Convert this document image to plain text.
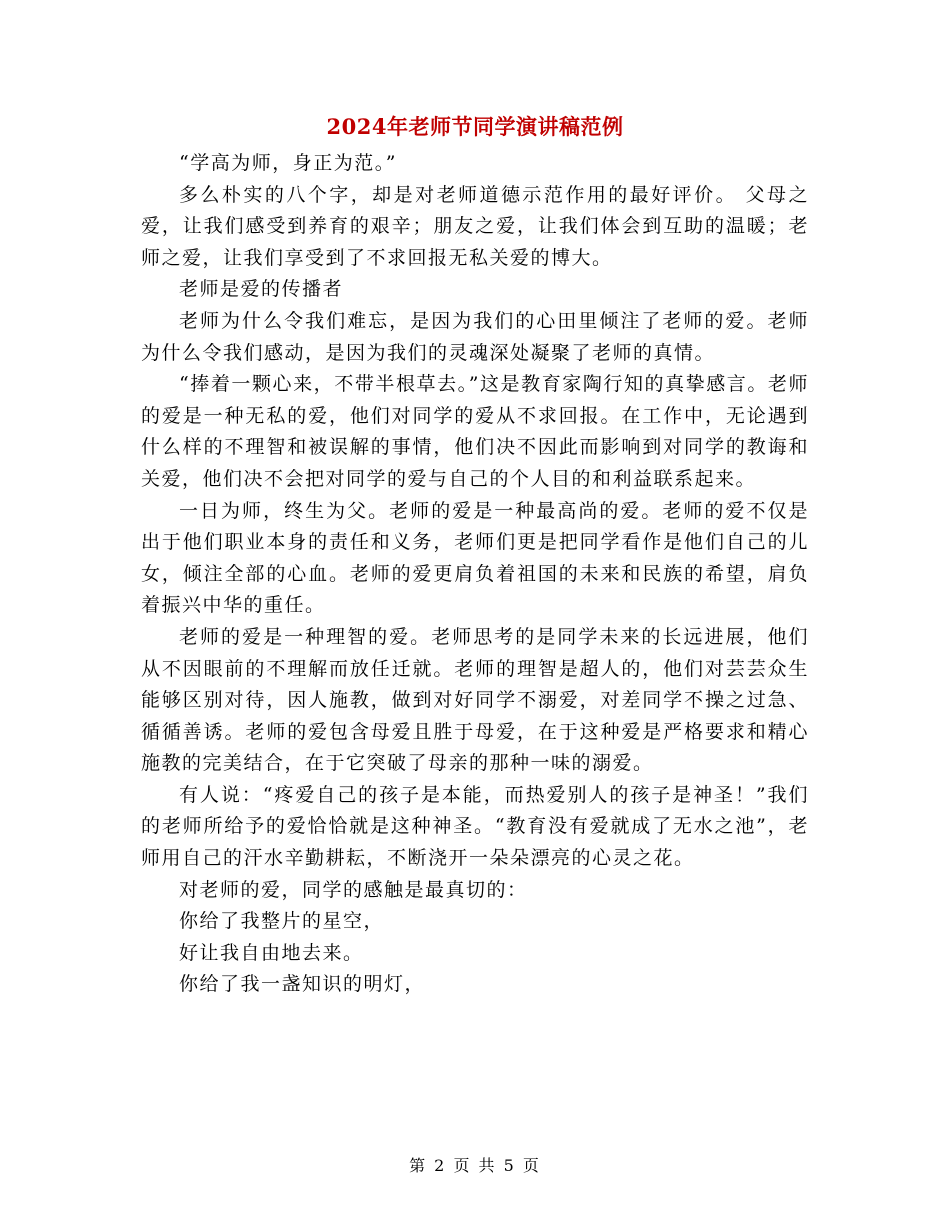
2024年老师节同学演讲稿范例

“学高为师，身正为范。”

多么朴实的八个字，却是对老师道德示范作用的最好评价。 父母之爱，让我们感受到养育的艰辛；朋友之爱，让我们体会到互助的温暖；老师之爱，让我们享受到了不求回报无私关爱的博大。

老师是爱的传播者

老师为什么令我们难忘，是因为我们的心田里倾注了老师的爱。老师为什么令我们感动，是因为我们的灵魂深处凝聚了老师的真情。

“捧着一颗心来，不带半根草去。”这是教育家陶行知的真挚感言。老师的爱是一种无私的爱，他们对同学的爱从不求回报。在工作中，无论遇到什么样的不理智和被误解的事情，他们决不因此而影响到对同学的教诲和关爱，他们决不会把对同学的爱与自己的个人目的和利益联系起来。

一日为师，终生为父。老师的爱是一种最高尚的爱。老师的爱不仅是出于他们职业本身的责任和义务，老师们更是把同学看作是他们自己的儿女，倾注全部的心血。老师的爱更肩负着祖国的未来和民族的希望，肩负着振兴中华的重任。

老师的爱是一种理智的爱。老师思考的是同学未来的长远进展，他们从不因眼前的不理解而放任迁就。老师的理智是超人的，他们对芸芸众生能够区别对待，因人施教，做到对好同学不溺爱，对差同学不操之过急、循循善诱。老师的爱包含母爱且胜于母爱，在于这种爱是严格要求和精心施教的完美结合，在于它突破了母亲的那种一味的溺爱。

有人说：“疼爱自己的孩子是本能，而热爱别人的孩子是神圣！”我们的老师所给予的爱恰恰就是这种神圣。“教育没有爱就成了无水之池”，老师用自己的汗水辛勤耕耘，不断浇开一朵朵漂亮的心灵之花。

对老师的爱，同学的感触是最真切的：

你给了我整片的星空，

好让我自由地去来。

你给了我一盏知识的明灯，

第 2 页 共 5 页
